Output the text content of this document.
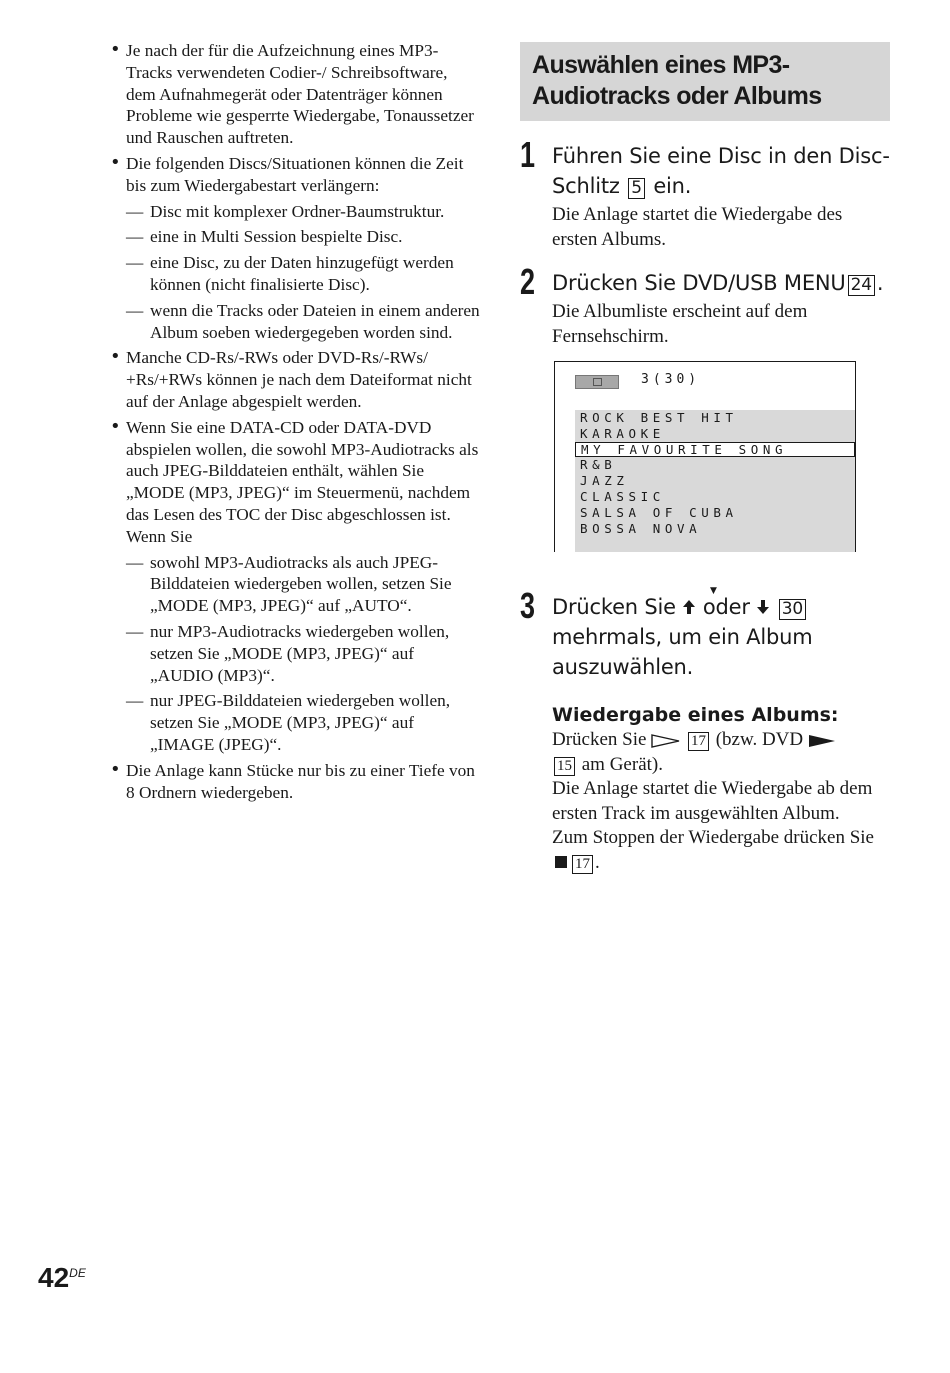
• Je nach der für die Aufzeichnung eines MP3-Tracks verwendeten Codier-/ Schreibsoftware, dem Aufnahmegerät oder Datenträger können Probleme wie gesperrte Wiedergabe, Tonaussetzer und Rauschen auftreten.
• Die folgenden Discs/Situationen können die Zeit bis zum Wiedergabestart verlängern:
— Disc mit komplexer Ordner-Baumstruktur.
— eine in Multi Session bespielte Disc.
— eine Disc, zu der Daten hinzugefügt werden können (nicht finalisierte Disc).
— wenn die Tracks oder Dateien in einem anderen Album soeben wiedergegeben worden sind.
• Manche CD-Rs/-RWs oder DVD-Rs/-RWs/ +Rs/+RWs können je nach dem Dateiformat nicht auf der Anlage abgespielt werden.
• Wenn Sie eine DATA-CD oder DATA-DVD abspielen wollen, die sowohl MP3-Audiotracks als auch JPEG-Bilddateien enthält, wählen Sie „MODE (MP3, JPEG)“ im Steuermenü, nachdem das Lesen des TOC der Disc abgeschlossen ist. Wenn Sie
— sowohl MP3-Audiotracks als auch JPEG-Bilddateien wiedergeben wollen, setzen Sie „MODE (MP3, JPEG)“ auf „AUTO“.
— nur MP3-Audiotracks wiedergeben wollen, setzen Sie „MODE (MP3, JPEG)“ auf „AUDIO (MP3)“.
— nur JPEG-Bilddateien wiedergeben wollen, setzen Sie „MODE (MP3, JPEG)“ auf „IMAGE (JPEG)“.
• Die Anlage kann Stücke nur bis zu einer Tiefe von 8 Ordnern wiedergeben.
Auswählen eines MP3-
Audiotracks oder Albums
1 Führen Sie eine Disc in den Disc-Schlitz 5 ein.
Die Anlage startet die Wiedergabe des ersten Albums.
2 Drücken Sie DVD/USB MENU 24 .
Die Albumliste erscheint auf dem Fernsehschirm.
3(30)
ROCK BEST HIT
KARAOKE
MY FAVOURITE SONG
R&B
JAZZ
CLASSIC
SALSA OF CUBA
BOSSA NOVA
▼
3 Drücken Sie oder 30 mehrmals, um ein Album auszuwählen.
Wiedergabe eines Albums:
Drücken Sie	17 (bzw. DVD
15 am Gerät).
Die Anlage startet die Wiedergabe ab dem ersten Track im ausgewählten Album.
Zum Stoppen der Wiedergabe drücken Sie17 .
42DE
